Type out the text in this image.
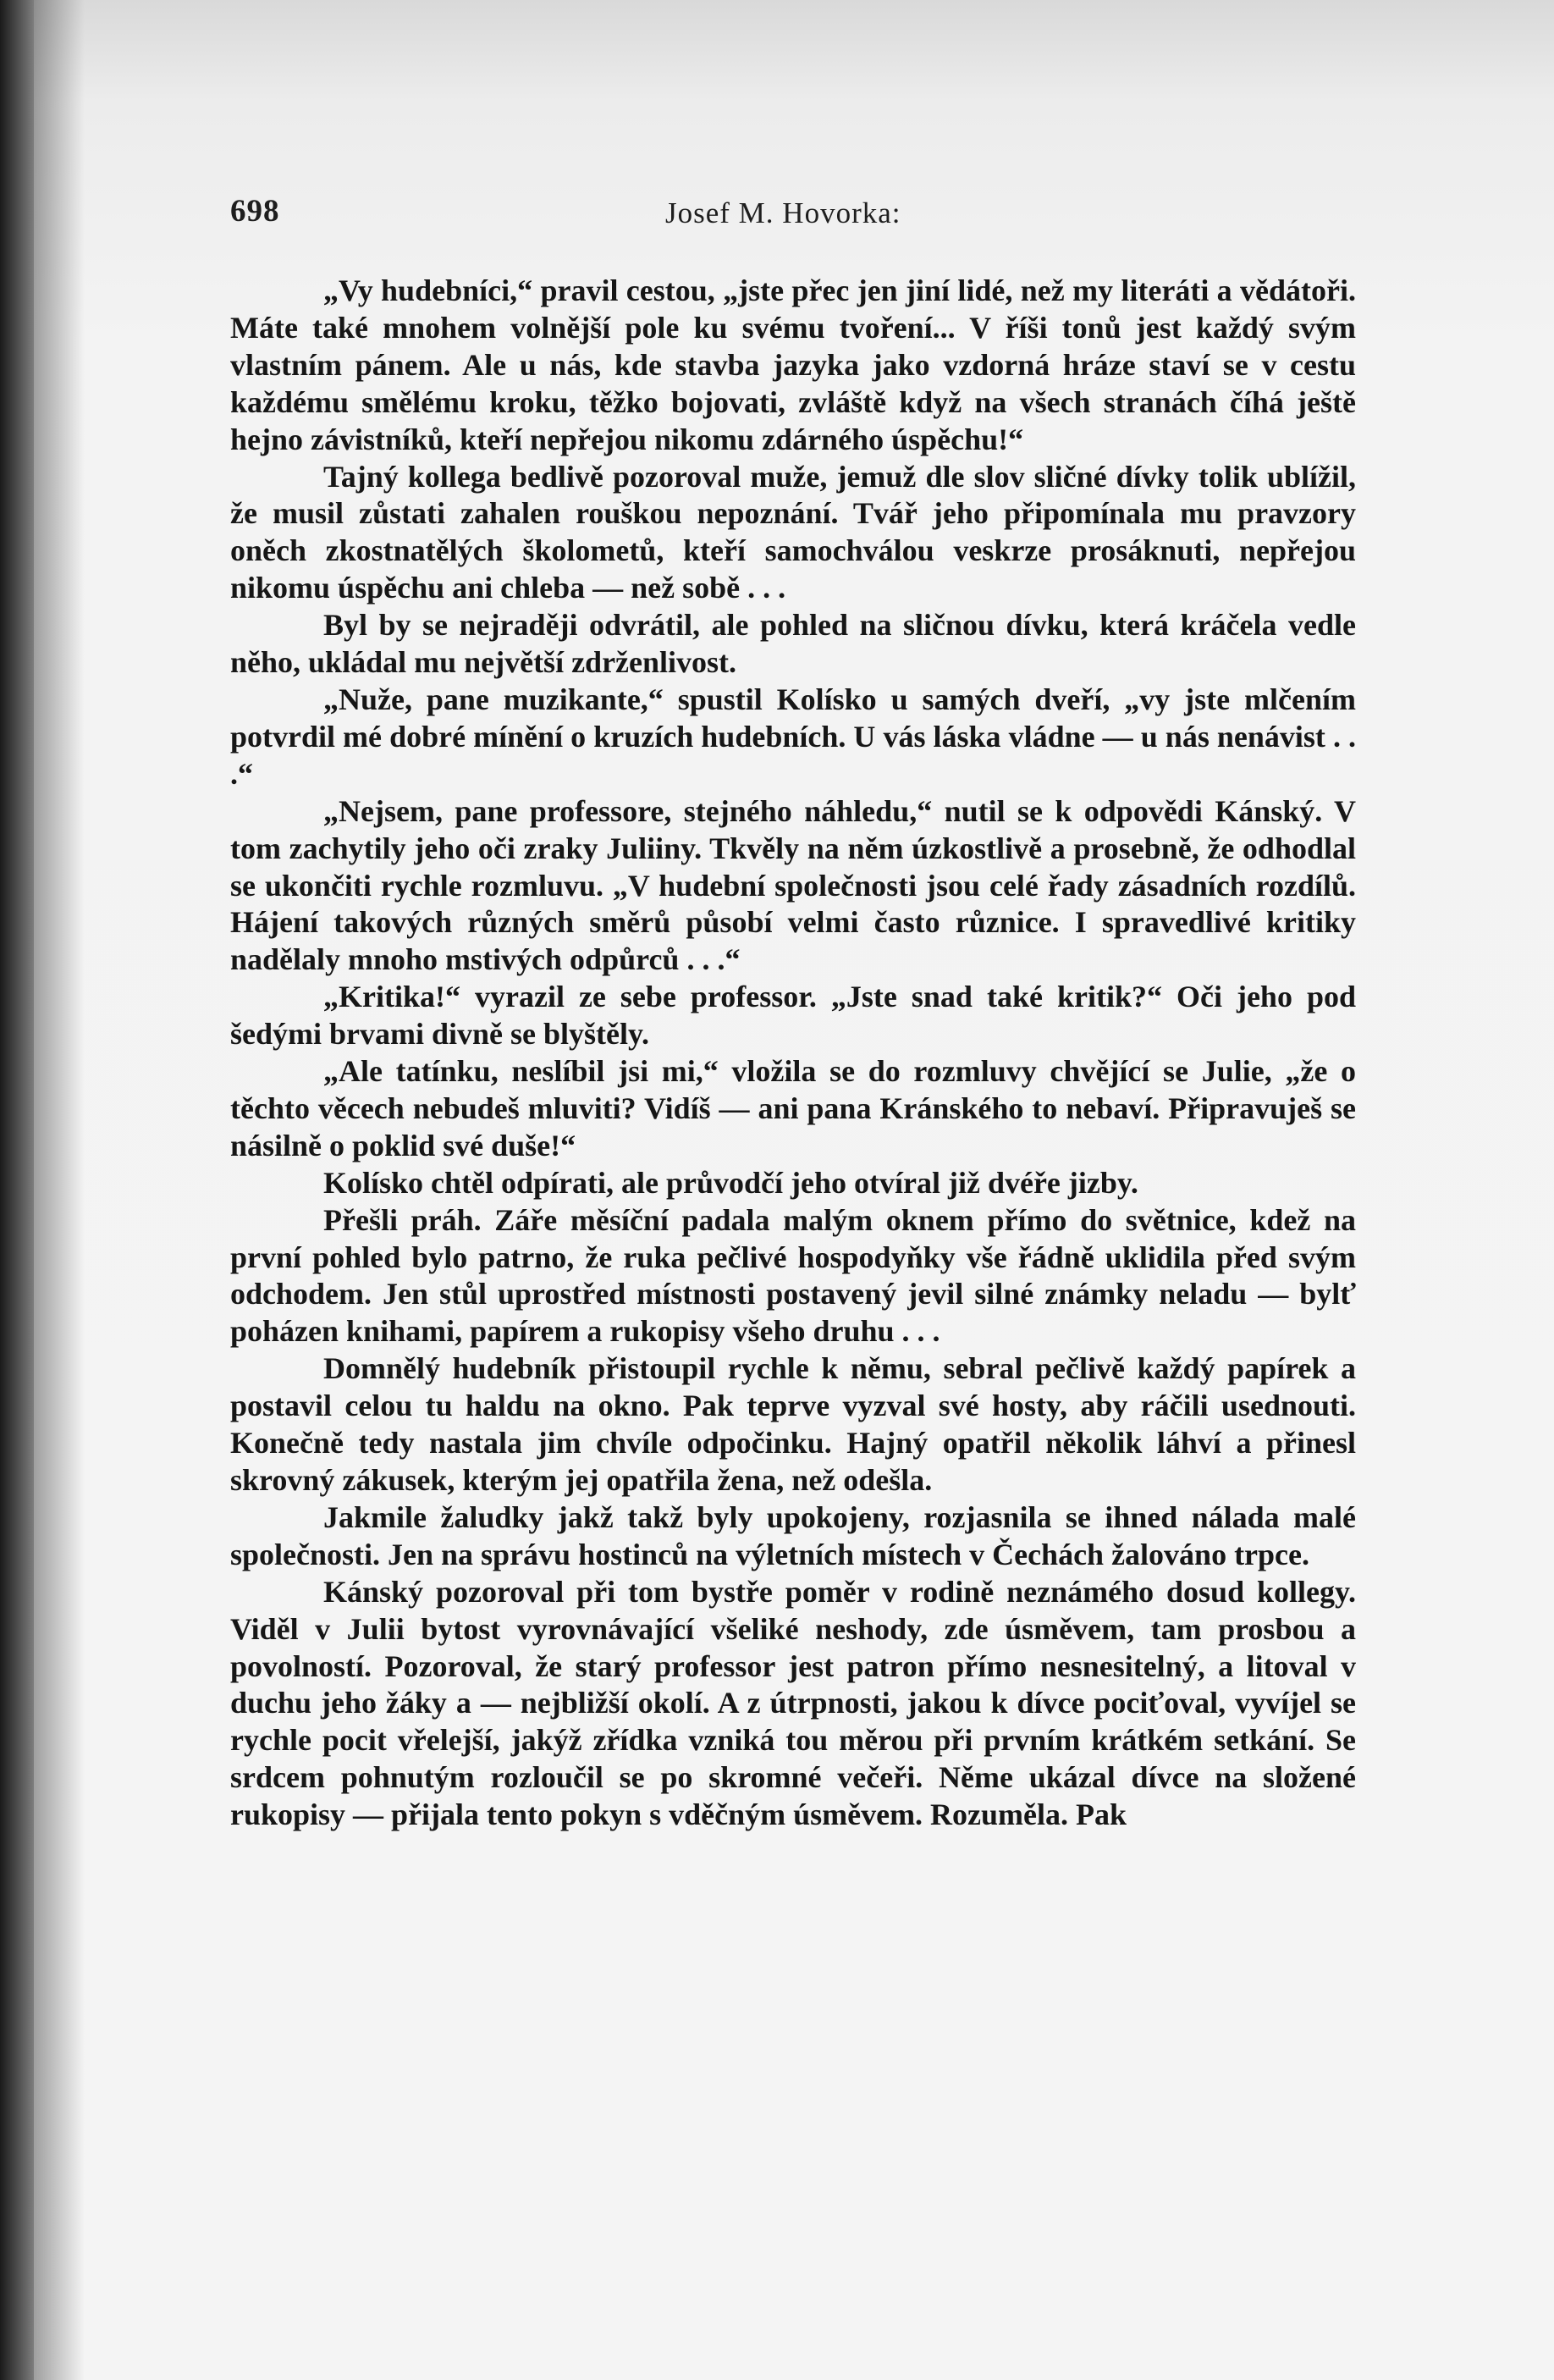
698	Josef M. Hovorka:

„Vy hudebníci,“ pravil cestou, „jste přec jen jiní lidé, než my literáti a vědátoři. Máte také mnohem volnější pole ku svému tvoření... V říši tonů jest každý svým vlastním pánem. Ale u nás, kde stavba jazyka jako vzdorná hráze staví se v cestu každému smělému kroku, těžko bojovati, zvláště když na všech stranách číhá ještě hejno závistníků, kteří nepřejou nikomu zdárného úspěchu!“

Tajný kollega bedlivě pozoroval muže, jemuž dle slov sličné dívky tolik ublížil, že musil zůstati zahalen rouškou nepoznání. Tvář jeho připomínala mu pravzory oněch zkostnatělých školometů, kteří samochválou veskrze prosáknuti, nepřejou nikomu úspěchu ani chleba — než sobě . . .

Byl by se nejraději odvrátil, ale pohled na sličnou dívku, která kráčela vedle něho, ukládal mu největší zdrženlivost.

„Nuže, pane muzikante,“ spustil Kolísko u samých dveří, „vy jste mlčením potvrdil mé dobré mínění o kruzích hudebních. U vás láska vládne — u nás nenávist . . .“

„Nejsem, pane professore, stejného náhledu,“ nutil se k odpovědi Kánský. V tom zachytily jeho oči zraky Juliiny. Tkvěly na něm úzkostlivě a prosebně, že odhodlal se ukončiti rychle rozmluvu. „V hudební společnosti jsou celé řady zásadních rozdílů. Hájení takových různých směrů působí velmi často různice. I spravedlivé kritiky nadělaly mnoho mstivých odpůrců . . .“

„Kritika!“ vyrazil ze sebe professor. „Jste snad také kritik?“ Oči jeho pod šedými brvami divně se blyštěly.

„Ale tatínku, neslíbil jsi mi,“ vložila se do rozmluvy chvějící se Julie, „že o těchto věcech nebudeš mluviti? Vidíš — ani pana Kránského to nebaví. Připravuješ se násilně o poklid své duše!“

Kolísko chtěl odpírati, ale průvodčí jeho otvíral již dvéře jizby.

Přešli práh. Záře měsíční padala malým oknem přímo do světnice, kdež na první pohled bylo patrno, že ruka pečlivé hospodyňky vše řádně uklidila před svým odchodem. Jen stůl uprostřed místnosti postavený jevil silné známky neladu — bylť poházen knihami, papírem a rukopisy všeho druhu . . .

Domnělý hudebník přistoupil rychle k němu, sebral pečlivě každý papírek a postavil celou tu haldu na okno. Pak teprve vyzval své hosty, aby ráčili usednouti. Konečně tedy nastala jim chvíle odpočinku. Hajný opatřil několik láhví a přinesl skrovný zákusek, kterým jej opatřila žena, než odešla.

Jakmile žaludky jakž takž byly upokojeny, rozjasnila se ihned nálada malé společnosti. Jen na správu hostinců na výletních místech v Čechách žalováno trpce.

Kánský pozoroval při tom bystře poměr v rodině neznámého dosud kollegy. Viděl v Julii bytost vyrovnávající všeliké neshody, zde úsměvem, tam prosbou a povolností. Pozoroval, že starý professor jest patron přímo nesnesitelný, a litoval v duchu jeho žáky a — nejbližší okolí. A z útrpnosti, jakou k dívce pociťoval, vyvíjel se rychle pocit vřelejší, jakýž zřídka vzniká tou měrou při prvním krátkém setkání. Se srdcem pohnutým rozloučil se po skromné večeři. Něme ukázal dívce na složené rukopisy — přijala tento pokyn s vděčným úsměvem. Rozuměla. Pak
